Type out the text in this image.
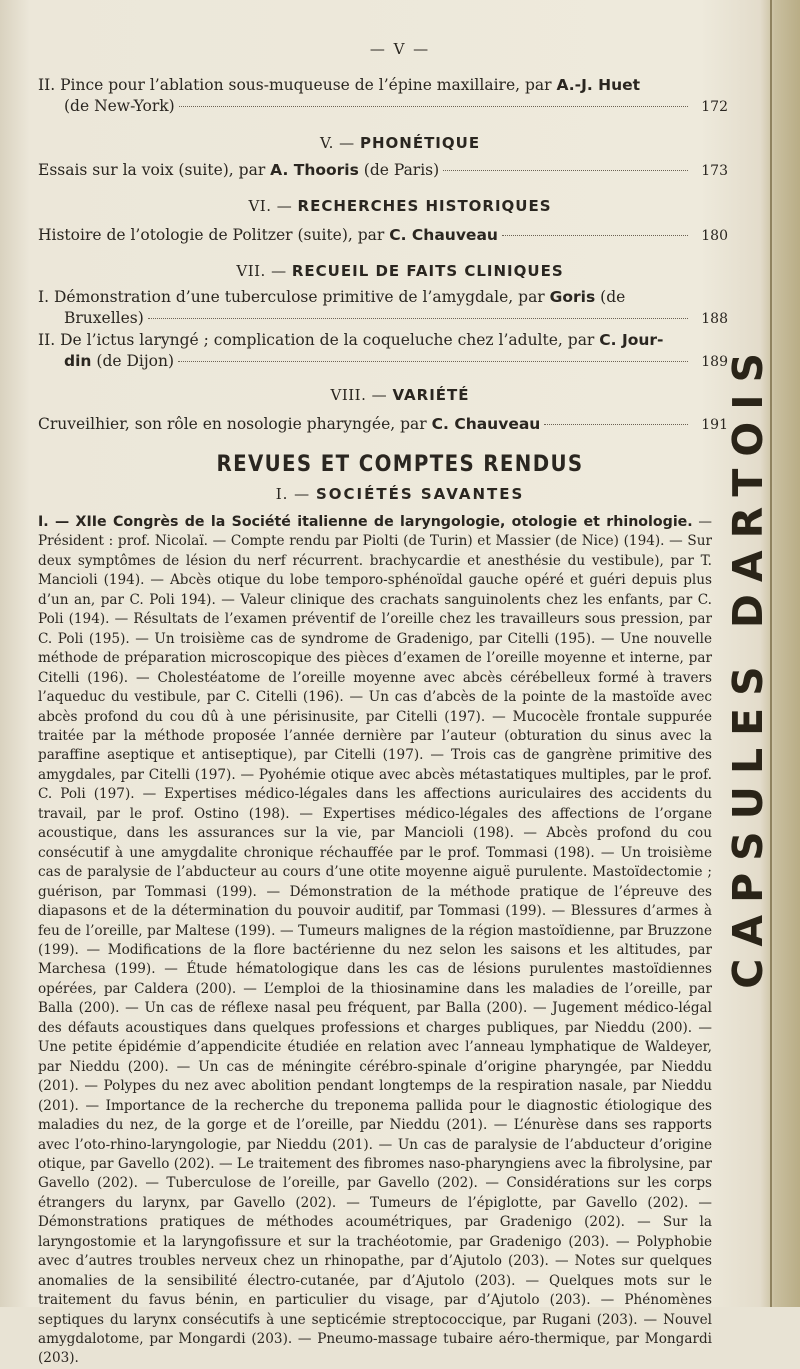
— V —
II. Pince pour l’ablation sous-muqueuse de l’épine maxillaire, par A.-J. Huet
(de New-York)	172
V. — PHONÉTIQUE
Essais sur la voix (suite), par A. Thooris (de Paris)	173
VI. — RECHERCHES HISTORIQUES
Histoire de l’otologie de Politzer (suite), par C. Chauveau	180
VII. — RECUEIL DE FAITS CLINIQUES
I. Démonstration d’une tuberculose primitive de l’amygdale, par Goris (de
Bruxelles)	188
II. De l’ictus laryngé ; complication de la coqueluche chez l’adulte, par C. Jour-
din (de Dijon)	189
VIII. — VARIÉTÉ
Cruveilhier, son rôle en nosologie pharyngée, par C. Chauveau	191
REVUES ET COMPTES RENDUS
I. — SOCIÉTÉS SAVANTES
I. — XIIe Congrès de la Société italienne de laryngologie, otologie et rhinologie. — Président : prof. Nicolaï. — Compte rendu par Piolti (de Turin) et Massier (de Nice) (194). — Sur deux symptômes de lésion du nerf récurrent. brachycardie et anesthésie du vestibule), par T. Mancioli (194). — Abcès otique du lobe temporo-sphénoïdal gauche opéré et guéri depuis plus d’un an, par C. Poli 194). — Valeur clinique des crachats sanguinolents chez les enfants, par C. Poli (194). — Résultats de l’examen préventif de l’oreille chez les travailleurs sous pression, par C. Poli (195). — Un troisième cas de syndrome de Gradenigo, par Citelli (195). — Une nouvelle méthode de préparation microscopique des pièces d’examen de l’oreille moyenne et interne, par Citelli (196). — Cholestéatome de l’oreille moyenne avec abcès cérébelleux formé à travers l’aqueduc du vestibule, par C. Citelli (196). — Un cas d’abcès de la pointe de la mastoïde avec abcès profond du cou dû à une périsinusite, par Citelli (197). — Mucocèle frontale suppurée traitée par la méthode proposée l’année dernière par l’auteur (obturation du sinus avec la paraffine aseptique et antiseptique), par Citelli (197). — Trois cas de gangrène primitive des amygdales, par Citelli (197). — Pyohémie otique avec abcès métastatiques multiples, par le prof. C. Poli (197). — Expertises médico-légales dans les affections auriculaires des accidents du travail, par le prof. Ostino (198). — Expertises médico-légales des affections de l’organe acoustique, dans les assurances sur la vie, par Mancioli (198). — Abcès profond du cou consécutif à une amygdalite chronique réchauffée par le prof. Tommasi (198). — Un troisième cas de paralysie de l’abducteur au cours d’une otite moyenne aiguë purulente. Mastoïdectomie ; guérison, par Tommasi (199). — Démonstration de la méthode pratique de l’épreuve des diapasons et de la détermination du pouvoir auditif, par Tommasi (199). — Blessures d’armes à feu de l’oreille, par Maltese (199). — Tumeurs malignes de la région mastoïdienne, par Bruzzone (199). — Modifications de la flore bactérienne du nez selon les saisons et les altitudes, par Marchesa (199). — Étude hématologique dans les cas de lésions purulentes mastoïdiennes opérées, par Caldera (200). — L’emploi de la thiosinamine dans les maladies de l’oreille, par Balla (200). — Un cas de réflexe nasal peu fréquent, par Balla (200). — Jugement médico-légal des défauts acoustiques dans quelques professions et charges publiques, par Nieddu (200). — Une petite épidémie d’appendicite étudiée en relation avec l’anneau lymphatique de Waldeyer, par Nieddu (200). — Un cas de méningite cérébro-spinale d’origine pharyngée, par Nieddu (201). — Polypes du nez avec abolition pendant longtemps de la respiration nasale, par Nieddu (201). — Importance de la recherche du treponema pallida pour le diagnostic étiologique des maladies du nez, de la gorge et de l’oreille, par Nieddu (201). — L’énurèse dans ses rapports avec l’oto-rhino-laryngologie, par Nieddu (201). — Un cas de paralysie de l’abducteur d’origine otique, par Gavello (202). — Le traitement des fibromes naso-pharyngiens avec la fibrolysine, par Gavello (202). — Tuberculose de l’oreille, par Gavello (202). — Considérations sur les corps étrangers du larynx, par Gavello (202). — Tumeurs de l’épiglotte, par Gavello (202). — Démonstrations pratiques de méthodes acoumétriques, par Gradenigo (202). — Sur la laryngostomie et la laryngofissure et sur la trachéotomie, par Gradenigo (203). — Polyphobie avec d’autres troubles nerveux chez un rhinopathe, par d’Ajutolo (203). — Notes sur quelques anomalies de la sensibilité électro-cutanée, par d’Ajutolo (203). — Quelques mots sur le traitement du favus bénin, en particulier du visage, par d’Ajutolo (203). — Phénomènes septiques du larynx consécutifs à une septicémie streptococcique, par Rugani (203). — Nouvel amygdalotome, par Mongardi (203). — Pneumo-massage tubaire aéro-thermique, par Mongardi (203).
CAPSULES DARTOIS
